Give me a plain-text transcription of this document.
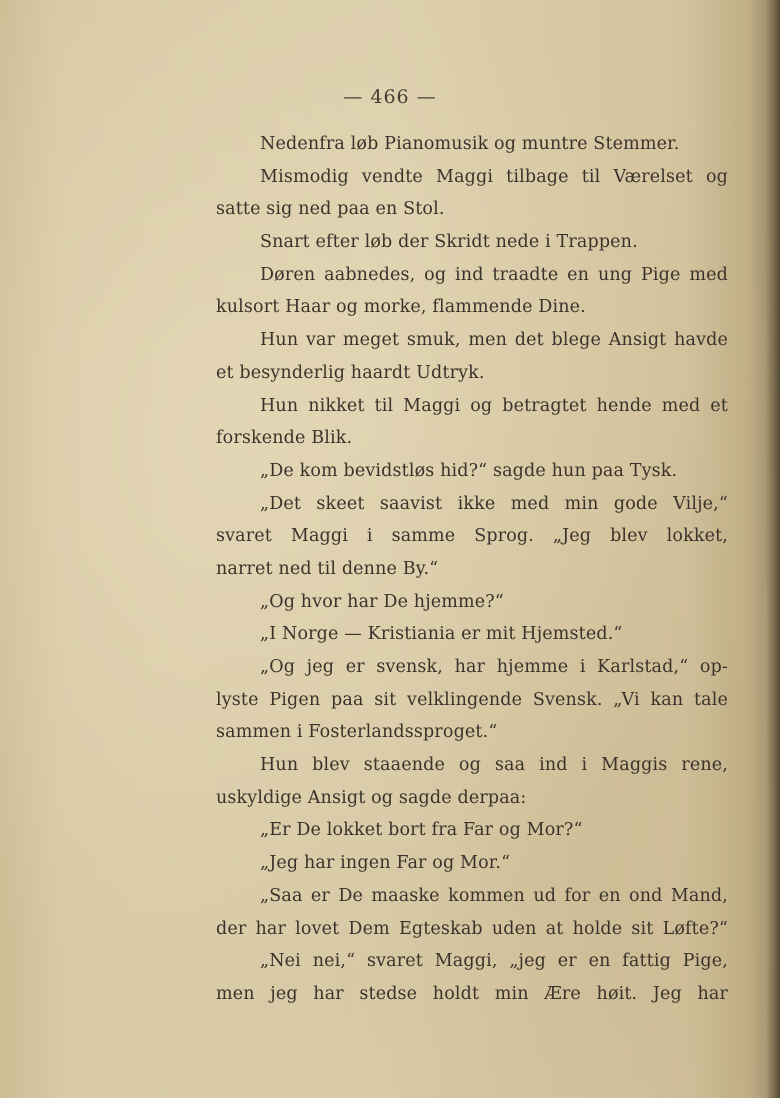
— 466 —
Nedenfra løb Pianomusik og muntre Stemmer.
Mismodig vendte Maggi tilbage til Værelset og
satte sig ned paa en Stol.
Snart efter løb der Skridt nede i Trappen.
Døren aabnedes, og ind traadte en ung Pige med
kulsort Haar og morke, flammende Dine.
Hun var meget smuk, men det blege Ansigt havde
et besynderlig haardt Udtryk.
Hun nikket til Maggi og betragtet hende med et
forskende Blik.
„De kom bevidstløs hid?“ sagde hun paa Tysk.
„Det skeet saavist ikke med min gode Vilje,“
svaret Maggi i samme Sprog. „Jeg blev lokket,
narret ned til denne By.“
„Og hvor har De hjemme?“
„I Norge — Kristiania er mit Hjemsted.“
„Og jeg er svensk, har hjemme i Karlstad,“ op-
lyste Pigen paa sit velklingende Svensk. „Vi kan tale
sammen i Fosterlandssproget.“
Hun blev staaende og saa ind i Maggis rene,
uskyldige Ansigt og sagde derpaa:
„Er De lokket bort fra Far og Mor?“
„Jeg har ingen Far og Mor.“
„Saa er De maaske kommen ud for en ond Mand,
der har lovet Dem Egteskab uden at holde sit Løfte?“
„Nei nei,“ svaret Maggi, „jeg er en fattig Pige,
men jeg har stedse holdt min Ære høit. Jeg har
